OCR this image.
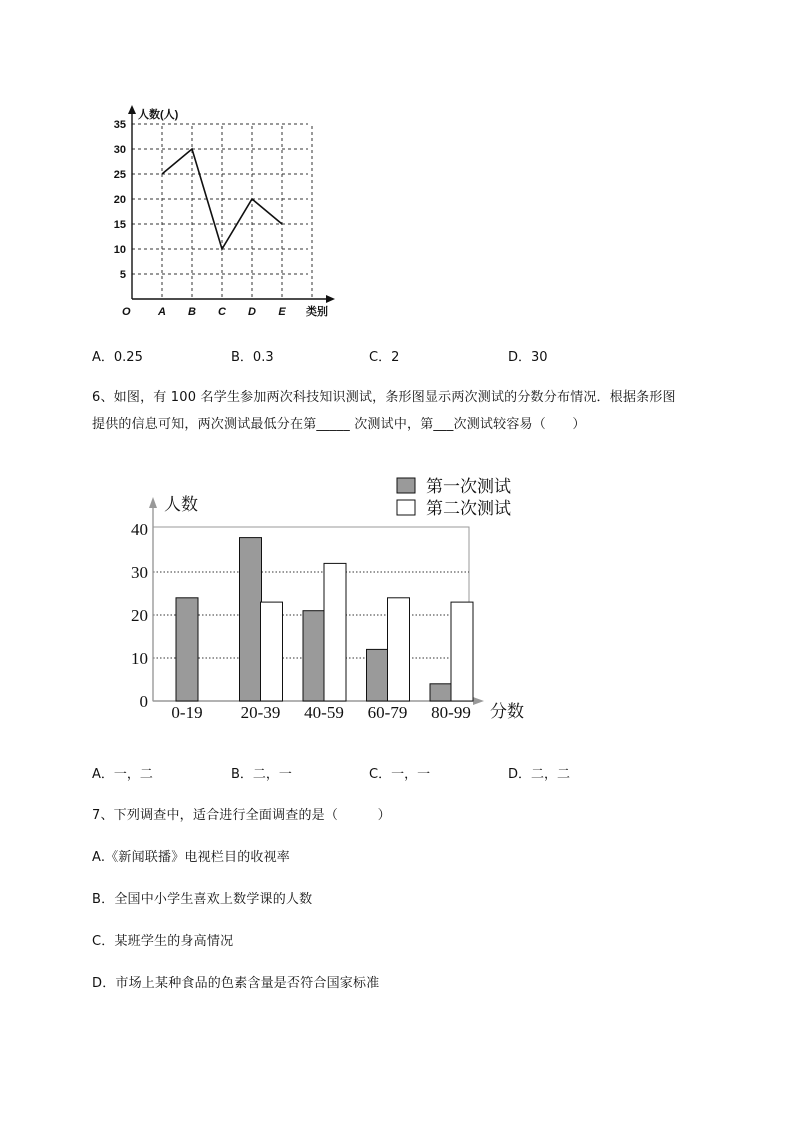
人数(人)
类别
O
5
10
15
20
25
30
35
A B C D E
A．0.25	B．0.3	C．2	D．30
6、如图，有 100 名学生参加两次科技知识测试，条形图显示两次测试的分数分布情况．根据条形图
提供的信息可知，两次测试最低分在第_____ 次测试中，第___次测试较容易（　　）
人数
分数
0
10
20
30
40
0-19 20-39 40-59 60-79 80-99
第一次测试
第二次测试
A．一，二	B．二，一	C．一，一	D．二，二
7、下列调查中，适合进行全面调查的是（　　　）
A.《新闻联播》电视栏目的收视率
B．全国中小学生喜欢上数学课的人数
C．某班学生的身高情况
D．市场上某种食品的色素含量是否符合国家标准
